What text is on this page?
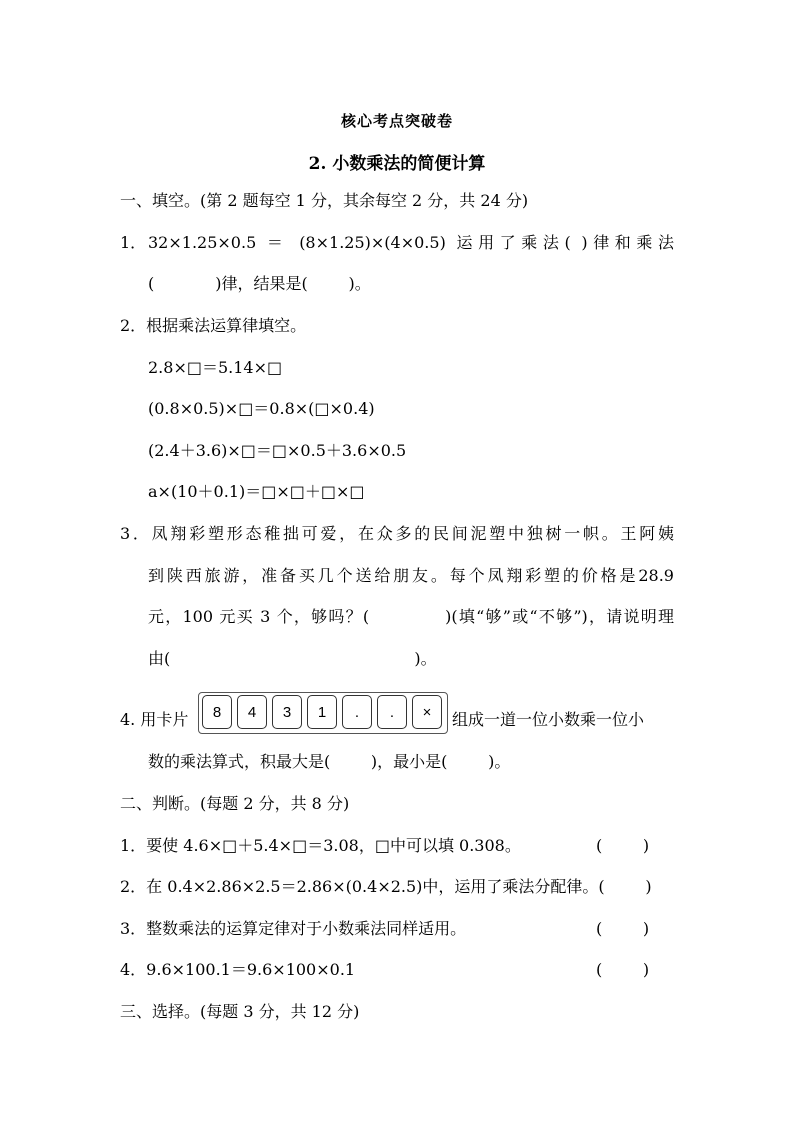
核心考点突破卷
2. 小数乘法的简便计算
一、填空。(第 2 题每空 1 分，其余每空 2 分，共 24 分)
1． 32×1.25×0.5 ＝ (8×1.25)×(4×0.5) 运用了乘法( )律和乘法
(            )律，结果是(        )。
2．根据乘法运算律填空。
2.8×□＝5.14×□
(0.8×0.5)×□＝0.8×(□×0.4)
(2.4＋3.6)×□＝□×0.5＋3.6×0.5
a×(10＋0.1)＝□×□＋□×□
3．凤翔彩塑形态稚拙可爱，在众多的民间泥塑中独树一帜。王阿姨
到陕西旅游，准备买几个送给朋友。每个凤翔彩塑的价格是28.9
元，100 元买 3 个，够吗？(            )(填“够”或“不够”)，请说明理
由(                                                )。
4. 用卡片	8	4	3	1	.	.	×	组成一道一位小数乘一位小
数的乘法算式，积最大是(        )，最小是(        )。
二、判断。(每题 2 分，共 8 分)
1．要使 4.6×□＋5.4×□＝3.08，□中可以填 0.308。	(        )
2．在 0.4×2.86×2.5＝2.86×(0.4×2.5)中，运用了乘法分配律。(        )
3．整数乘法的运算定律对于小数乘法同样适用。	(        )
4．9.6×100.1＝9.6×100×0.1	(        )
三、选择。(每题 3 分，共 12 分)
